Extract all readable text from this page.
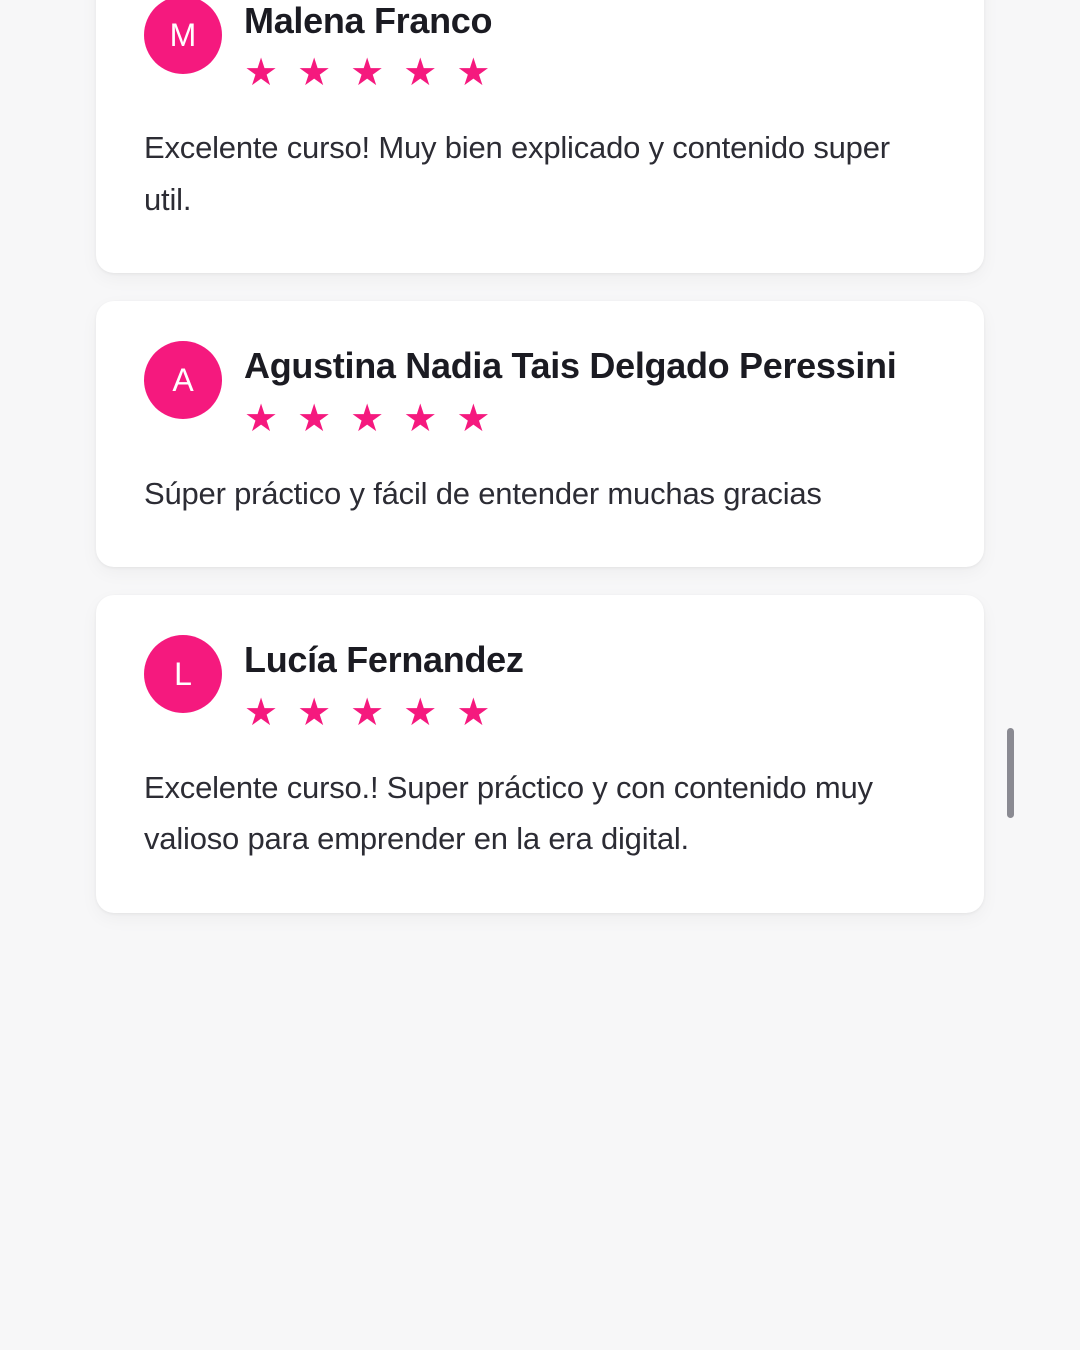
M	Malena Franco
★ ★ ★ ★ ★
Excelente curso! Muy bien explicado y contenido super util.
A	Agustina Nadia Tais Delgado Peressini
★ ★ ★ ★ ★
Súper práctico y fácil de entender muchas gracias
L	Lucía Fernandez
★ ★ ★ ★ ★
Excelente curso.! Super práctico y con contenido muy valioso para emprender en la era digital.
